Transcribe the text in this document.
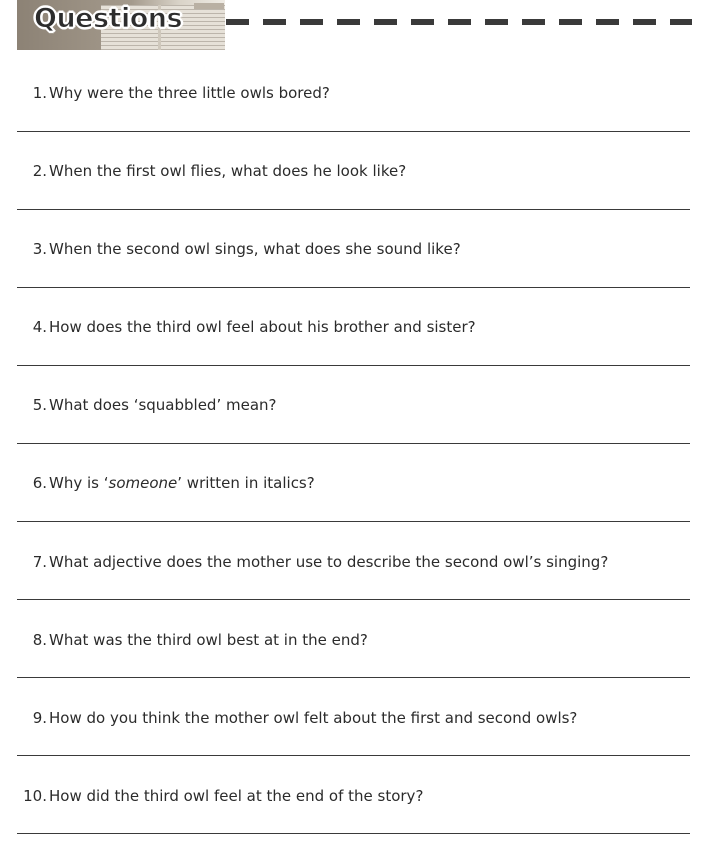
Questions
1. Why were the three little owls bored?
2. When the first owl flies, what does he look like?
3. When the second owl sings, what does she sound like?
4. How does the third owl feel about his brother and sister?
5. What does ‘squabbled’ mean?
6. Why is ‘someone’ written in italics?
7. What adjective does the mother use to describe the second owl’s singing?
8. What was the third owl best at in the end?
9. How do you think the mother owl felt about the first and second owls?
10. How did the third owl feel at the end of the story?
